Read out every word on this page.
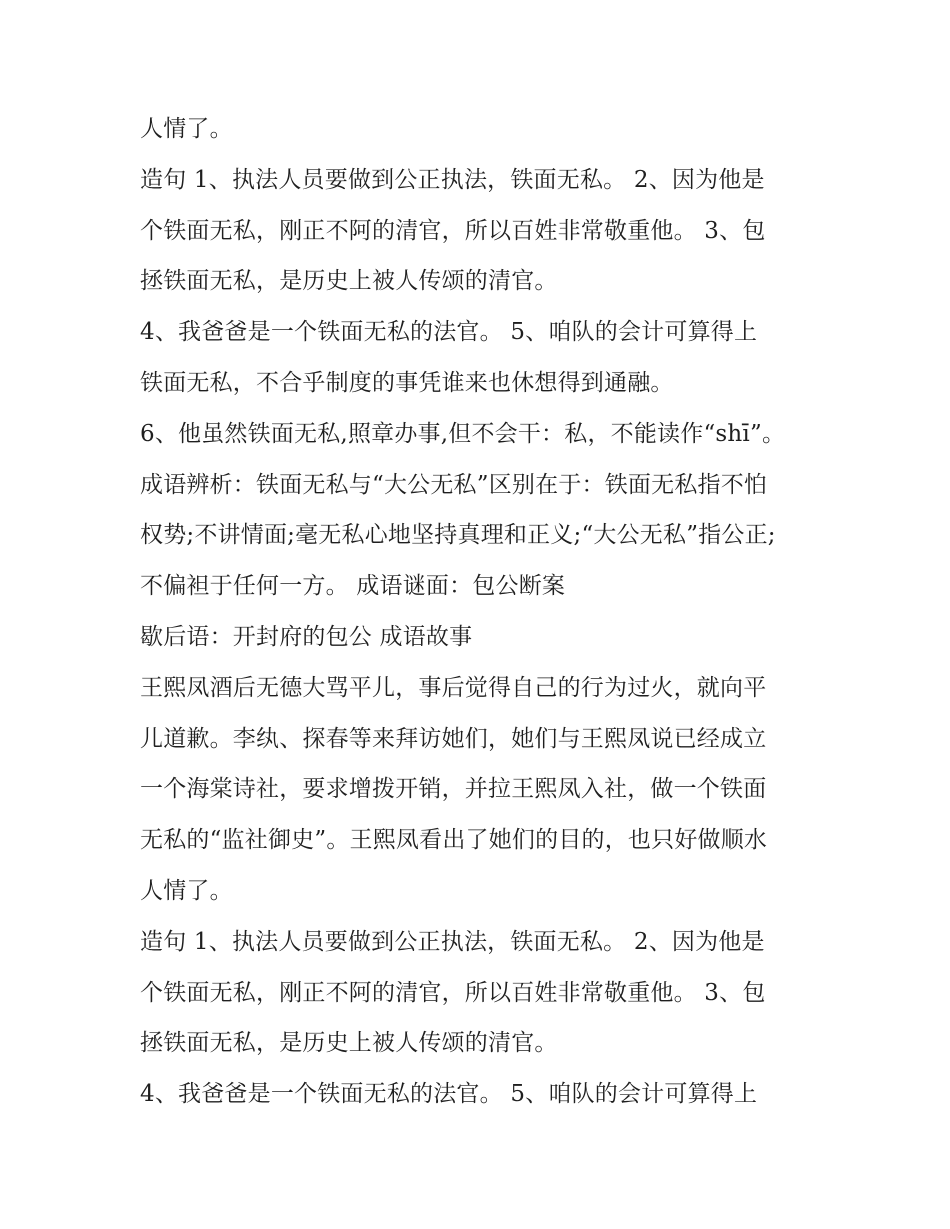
人情了。
造句 1、执法人员要做到公正执法，铁面无私。 2、因为他是
个铁面无私，刚正不阿的清官，所以百姓非常敬重他。 3、包
拯铁面无私，是历史上被人传颂的清官。
4、我爸爸是一个铁面无私的法官。 5、咱队的会计可算得上
铁面无私，不合乎制度的事凭谁来也休想得到通融。
6、他虽然铁面无私,照章办事,但不会干：私，不能读作“shī”。
成语辨析：铁面无私与“大公无私”区别在于：铁面无私指不怕
权势;不讲情面;毫无私心地坚持真理和正义;“大公无私”指公正;
不偏袒于任何一方。 成语谜面：包公断案
歇后语：开封府的包公 成语故事
王熙凤酒后无德大骂平儿，事后觉得自己的行为过火，就向平
儿道歉。李纨、探春等来拜访她们，她们与王熙凤说已经成立
一个海棠诗社，要求增拨开销，并拉王熙凤入社，做一个铁面
无私的“监社御史”。王熙凤看出了她们的目的，也只好做顺水
人情了。
造句 1、执法人员要做到公正执法，铁面无私。 2、因为他是
个铁面无私，刚正不阿的清官，所以百姓非常敬重他。 3、包
拯铁面无私，是历史上被人传颂的清官。
4、我爸爸是一个铁面无私的法官。 5、咱队的会计可算得上
